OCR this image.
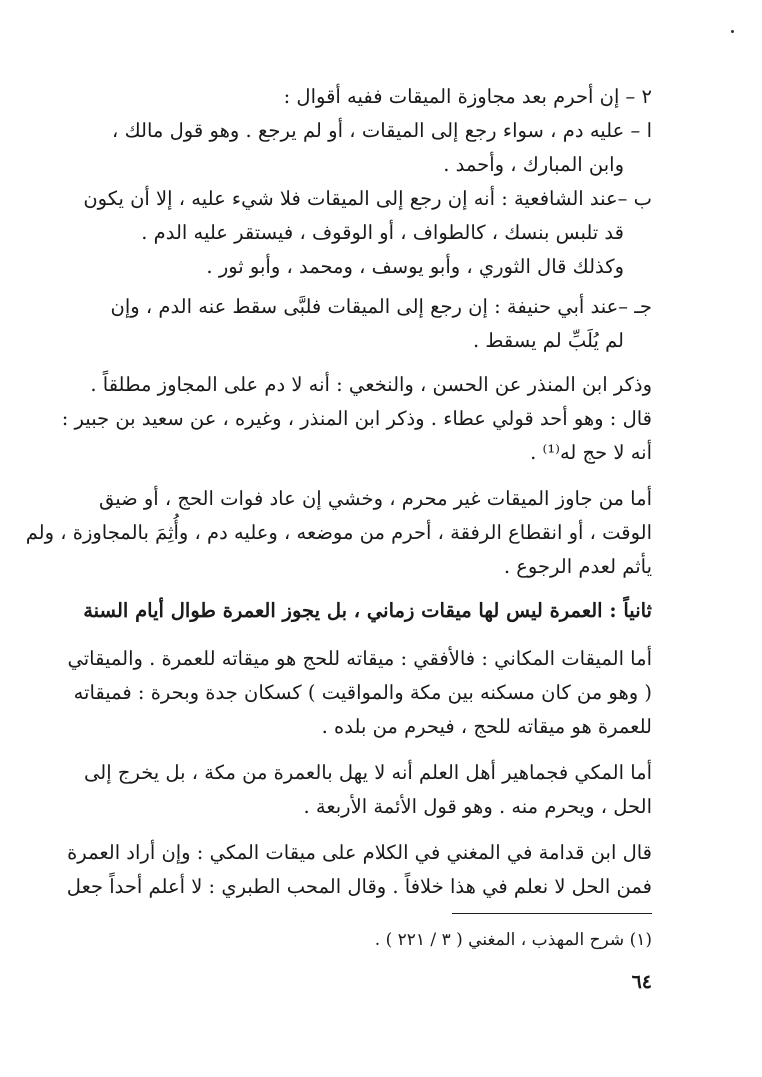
٢ – إن أحرم بعد مجاوزة الميقات ففيه أقوال :
ا – عليه دم ، سواء رجع إلى الميقات ، أو لم يرجع . وهو قول مالك ،
وابن المبارك ، وأحمد .
ب –عند الشافعية : أنه إن رجع إلى الميقات فلا شيء عليه ، إلا أن يكون
قد تلبس بنسك ، كالطواف ، أو الوقوف ، فيستقر عليه الدم .
وكذلك قال الثوري ، وأبو يوسف ، ومحمد ، وأبو ثور .
جـ –عند أبي حنيفة : إن رجع إلى الميقات فلبَّى سقط عنه الدم ، وإن
لم يُلَبِّ لم يسقط .
وذكر ابن المنذر عن الحسن ، والنخعي : أنه لا دم على المجاوز مطلقاً .
قال : وهو أحد قولي عطاء . وذكر ابن المنذر ، وغيره ، عن سعيد بن جبير :
أنه لا حج له⁽¹⁾ .
أما من جاوز الميقات غير محرم ، وخشي إن عاد فوات الحج ، أو ضيق
الوقت ، أو انقطاع الرفقة ، أحرم من موضعه ، وعليه دم ، وأُثِمَ بالمجاوزة ، ولم
يأثم لعدم الرجوع .
ثانياً : العمرة ليس لها ميقات زماني ، بل يجوز العمرة طوال أيام السنة
أما الميقات المكاني : فالأفقي : ميقاته للحج هو ميقاته للعمرة . والميقاتي
( وهو من كان مسكنه بين مكة والمواقيت ) كسكان جدة وبحرة : فميقاته
للعمرة هو ميقاته للحج ، فيحرم من بلده .
أما المكي فجماهير أهل العلم أنه لا يهل بالعمرة من مكة ، بل يخرج إلى
الحل ، ويحرم منه . وهو قول الأئمة الأربعة .
قال ابن قدامة في المغني في الكلام على ميقات المكي : وإن أراد العمرة
فمن الحل لا نعلم في هذا خلافاً . وقال المحب الطبري : لا أعلم أحداً جعل
(١) شرح المهذب ، المغني ( ٣ / ٢٢١ ) .
٦٤
